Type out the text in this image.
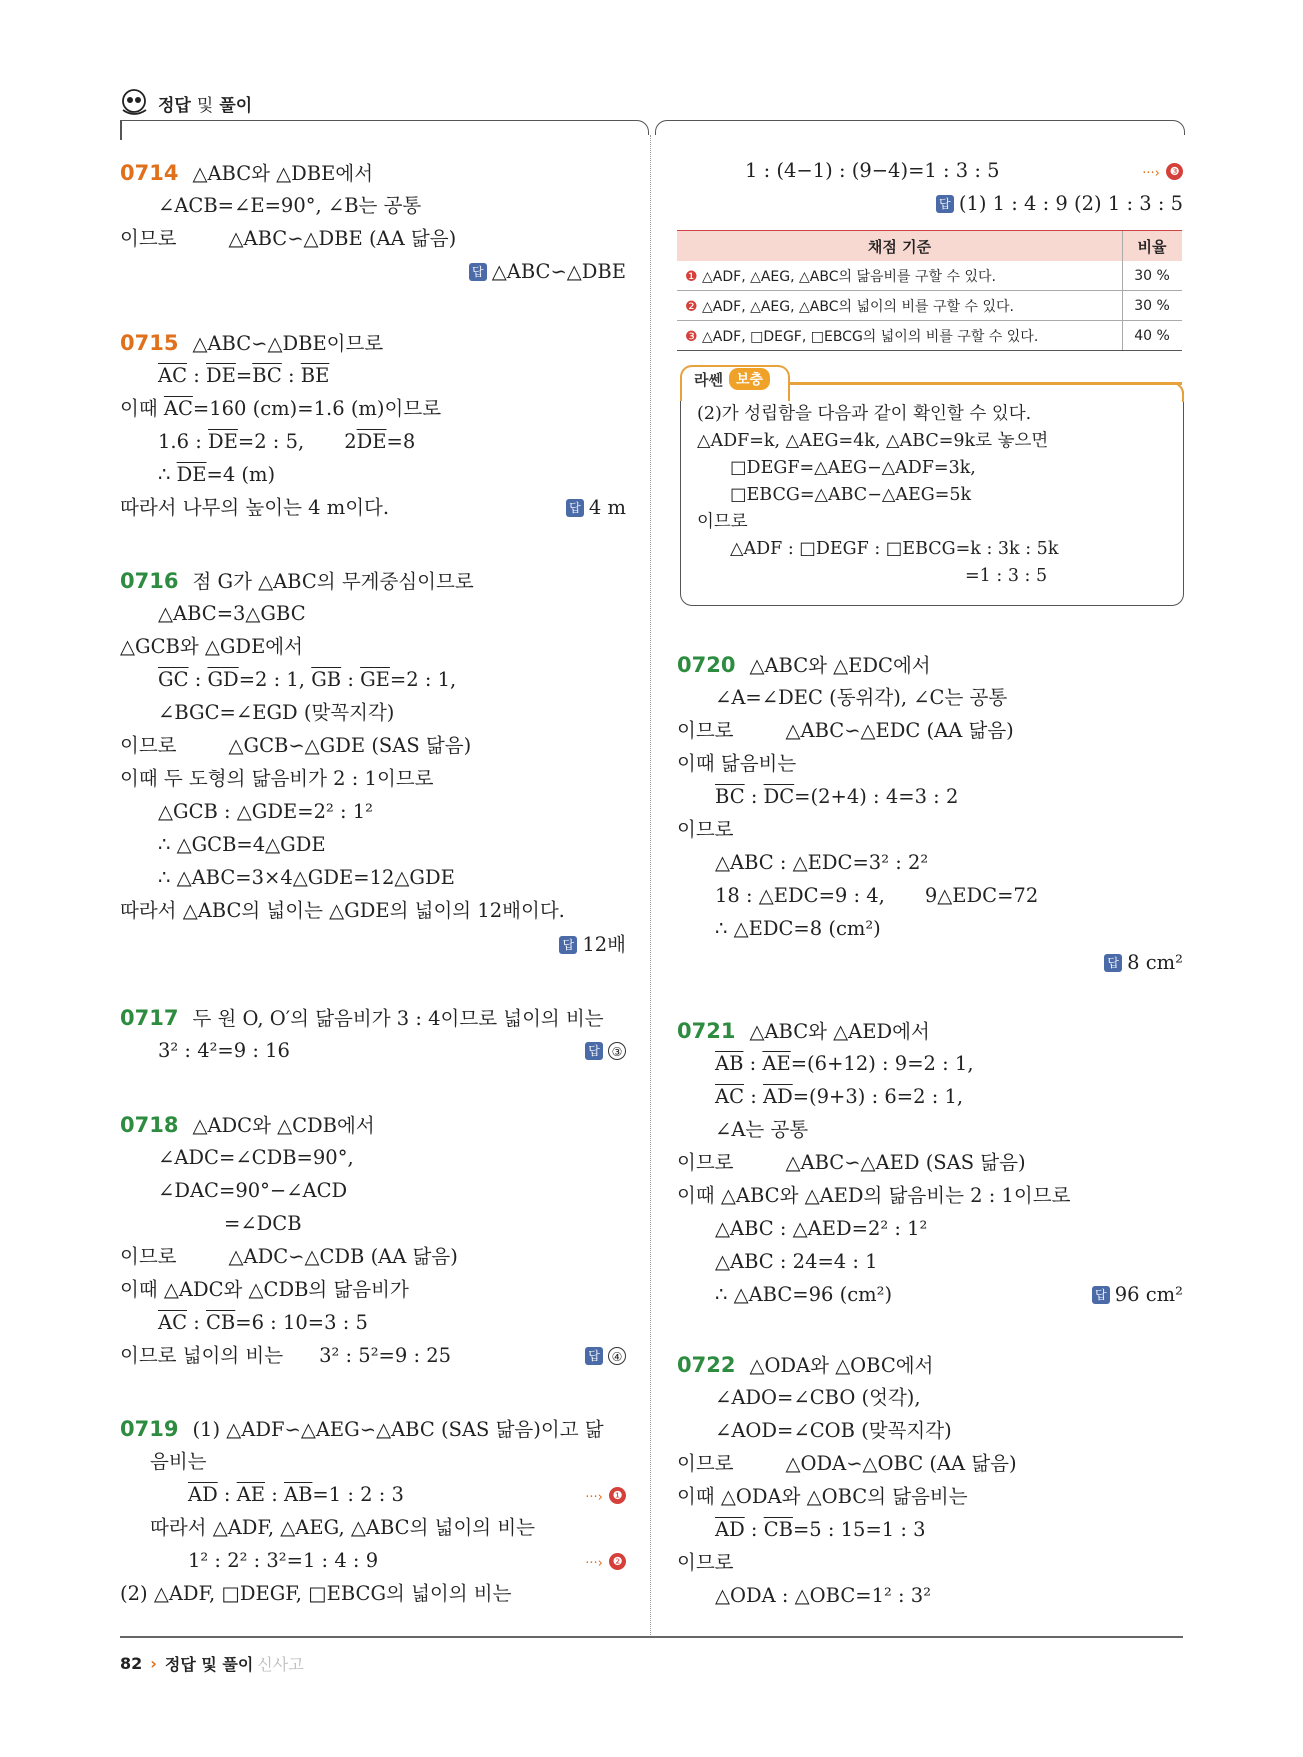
정답 및 풀이
0714 △ABC와 △DBE에서
∠ACB=∠E=90°, ∠B는 공통
이므로	△ABC∽△DBE (AA 닮음)
답 △ABC∽△DBE
0715 △ABC∽△DBE이므로
$\overline{AC}$ : $\overline{DE}=\overline{BC}$ : $\overline{BE}$
이때 $\overline{AC}=160$ (cm)=1.6 (m)이므로
1.6 : $\overline{DE}=2$ : 5, $2\overline{DE}=8$
∴ $\overline{DE}=4$ (m)
따라서 나무의 높이는 4 m이다.	답 4 m
0716 점 G가 △ABC의 무게중심이므로
△ABC=3△GBC
△GCB와 △GDE에서
$\overline{GC}$ : $\overline{GD}=2$ : 1, $\overline{GB}$ : $\overline{GE}=2$ : 1,
∠BGC=∠EGD (맞꼭지각)
이므로	△GCB∽△GDE (SAS 닮음)
이때 두 도형의 닮음비가 2 : 1이므로
△GCB : △GDE=2² : 1²
∴ △GCB=4△GDE
∴ △ABC=3×4△GDE=12△GDE
따라서 △ABC의 넓이는 △GDE의 넓이의 12배이다.
답 12배
0717 두 원 O, O′의 닮음비가 3 : 4이므로 넓이의 비는
3² : 4²=9 : 16	답 ③
0718 △ADC와 △CDB에서
∠ADC=∠CDB=90°,
∠DAC=90°−∠ACD
=∠DCB
이므로	△ADC∽△CDB (AA 닮음)
이때 △ADC와 △CDB의 닮음비가
$\overline{AC}$ : $\overline{CB}=6$ : 10=3 : 5
이므로 넓이의 비는 3² : 5²=9 : 25	답 ④
0719 (1) △ADF∽△AEG∽△ABC (SAS 닮음)이고 닮
음비는
$\overline{AD}$ : $\overline{AE}$ : $\overline{AB}=1$ : 2 : 3	···› ❶
따라서 △ADF, △AEG, △ABC의 넓이의 비는
1² : 2² : 3²=1 : 4 : 9	···› ❷
(2) △ADF, □DEGF, □EBCG의 넓이의 비는
1 : (4−1) : (9−4)=1 : 3 : 5	···› ❸
답 (1) 1 : 4 : 9 (2) 1 : 3 : 5
채점 기준	비율
❶ △ADF, △AEG, △ABC의 닮음비를 구할 수 있다.	30 %
❷ △ADF, △AEG, △ABC의 넓이의 비를 구할 수 있다.	30 %
❸ △ADF, □DEGF, □EBCG의 넓이의 비를 구할 수 있다.	40 %
라쎈 보충
(2)가 성립함을 다음과 같이 확인할 수 있다.
△ADF=k, △AEG=4k, △ABC=9k로 놓으면
□DEGF=△AEG−△ADF=3k,
□EBCG=△ABC−△AEG=5k
이므로
△ADF : □DEGF : □EBCG=k : 3k : 5k
=1 : 3 : 5
0720 △ABC와 △EDC에서
∠A=∠DEC (동위각), ∠C는 공통
이므로	△ABC∽△EDC (AA 닮음)
이때 닮음비는
$\overline{BC}$ : $\overline{DC}=(2+4)$ : 4=3 : 2
이므로
△ABC : △EDC=3² : 2²
18 : △EDC=9 : 4, 9△EDC=72
∴ △EDC=8 (cm²)
답 8 cm²
0721 △ABC와 △AED에서
$\overline{AB}$ : $\overline{AE}=(6+12)$ : 9=2 : 1,
$\overline{AC}$ : $\overline{AD}=(9+3)$ : 6=2 : 1,
∠A는 공통
이므로	△ABC∽△AED (SAS 닮음)
이때 △ABC와 △AED의 닮음비는 2 : 1이므로
△ABC : △AED=2² : 1²
△ABC : 24=4 : 1
∴ △ABC=96 (cm²)	답 96 cm²
0722 △ODA와 △OBC에서
∠ADO=∠CBO (엇각),
∠AOD=∠COB (맞꼭지각)
이므로	△ODA∽△OBC (AA 닮음)
이때 △ODA와 △OBC의 닮음비는
$\overline{AD}$ : $\overline{CB}=5$ : 15=1 : 3
이므로
△ODA : △OBC=1² : 3²
82 › 정답 및 풀이 신사고
